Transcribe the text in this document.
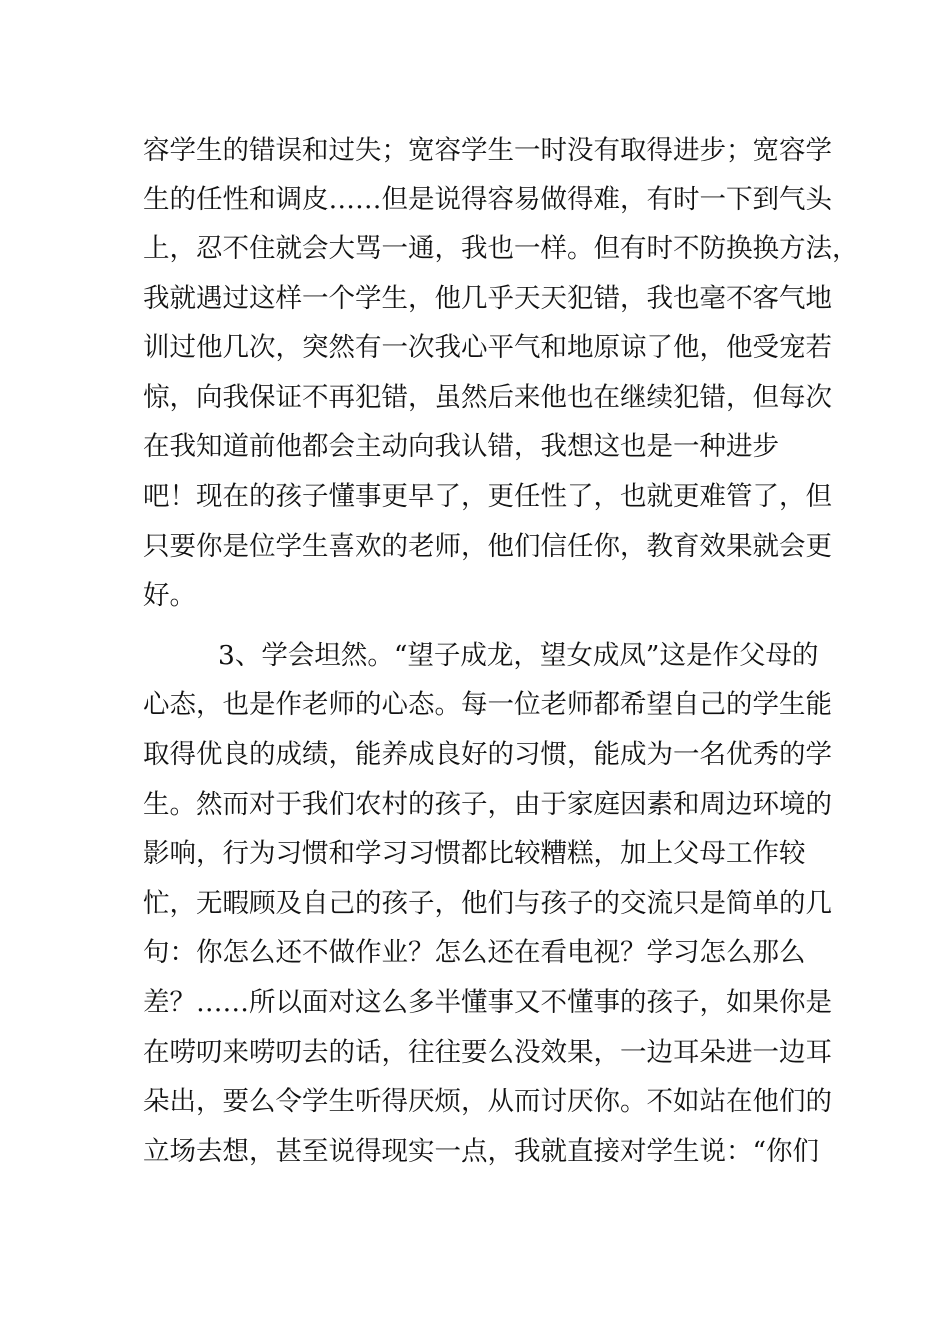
容学生的错误和过失；宽容学生一时没有取得进步；宽容学
生的任性和调皮……但是说得容易做得难，有时一下到气头
上，忍不住就会大骂一通，我也一样。但有时不防换换方法，
我就遇过这样一个学生，他几乎天天犯错，我也毫不客气地
训过他几次，突然有一次我心平气和地原谅了他，他受宠若
惊，向我保证不再犯错，虽然后来他也在继续犯错，但每次
在我知道前他都会主动向我认错，我想这也是一种进步
吧！现在的孩子懂事更早了，更任性了，也就更难管了，但
只要你是位学生喜欢的老师，他们信任你，教育效果就会更
好。
3、学会坦然。“望子成龙，望女成凤”这是作父母的
心态，也是作老师的心态。每一位老师都希望自己的学生能
取得优良的成绩，能养成良好的习惯，能成为一名优秀的学
生。然而对于我们农村的孩子，由于家庭因素和周边环境的
影响，行为习惯和学习习惯都比较糟糕，加上父母工作较
忙，无暇顾及自己的孩子，他们与孩子的交流只是简单的几
句：你怎么还不做作业？怎么还在看电视？学习怎么那么
差？……所以面对这么多半懂事又不懂事的孩子，如果你是
在唠叨来唠叨去的话，往往要么没效果，一边耳朵进一边耳
朵出，要么令学生听得厌烦，从而讨厌你。不如站在他们的
立场去想，甚至说得现实一点，我就直接对学生说：“你们
